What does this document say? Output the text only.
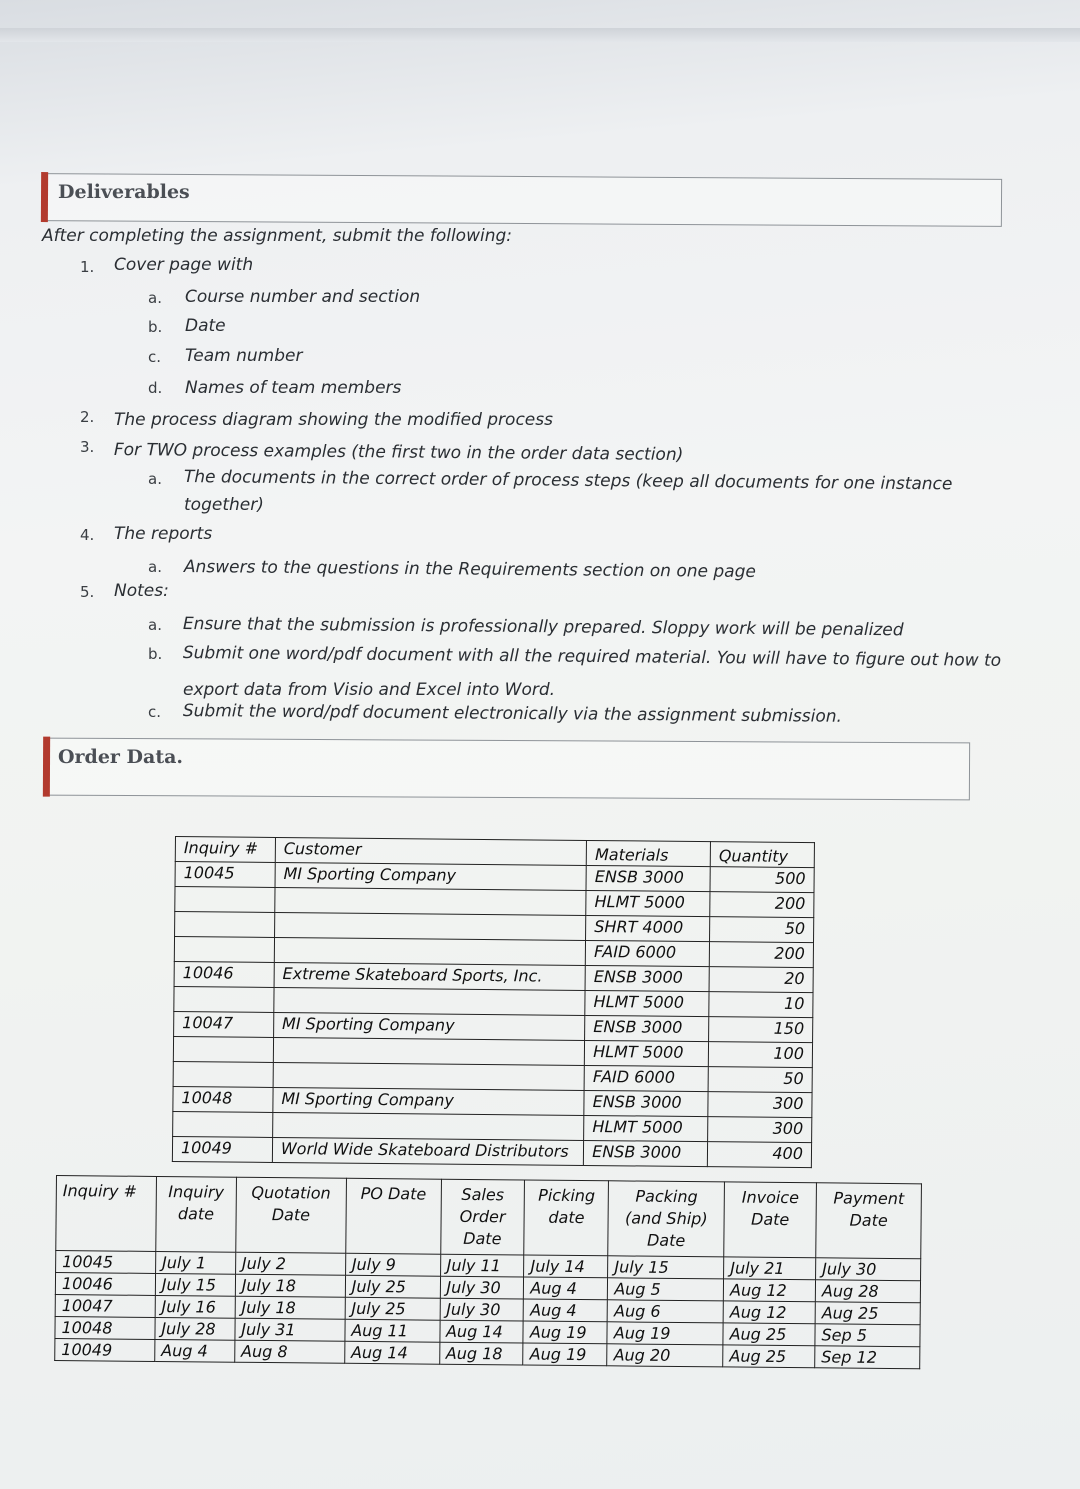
Deliverables
After completing the assignment, submit the following:
1. Cover page with
a. Course number and section
b. Date
c. Team number
d. Names of team members
2. The process diagram showing the modified process
3. For TWO process examples (the first two in the order data section)
a. The documents in the correct order of process steps (keep all documents for one instance
together)
4. The reports
a. Answers to the questions in the Requirements section on one page
5. Notes:
a. Ensure that the submission is professionally prepared. Sloppy work will be penalized
b. Submit one word/pdf document with all the required material. You will have to figure out how to
export data from Visio and Excel into Word.
c. Submit the word/pdf document electronically via the assignment submission.
Order Data.
Inquiry #	Customer	Materials	Quantity
10045	MI Sporting Company	ENSB 3000	500
		HLMT 5000	200
		SHRT 4000	50
		FAID 6000	200
10046	Extreme Skateboard Sports, Inc.	ENSB 3000	20
		HLMT 5000	10
10047	MI Sporting Company	ENSB 3000	150
		HLMT 5000	100
		FAID 6000	50
10048	MI Sporting Company	ENSB 3000	300
		HLMT 5000	300
10049	World Wide Skateboard Distributors	ENSB 3000	400
Inquiry #	Inquiry date	Quotation Date	PO Date	Sales Order Date	Picking date	Packing (and Ship) Date	Invoice Date	Payment Date
10045	July 1	July 2	July 9	July 11	July 14	July 15	July 21	July 30
10046	July 15	July 18	July 25	July 30	Aug 4	Aug 5	Aug 12	Aug 28
10047	July 16	July 18	July 25	July 30	Aug 4	Aug 6	Aug 12	Aug 25
10048	July 28	July 31	Aug 11	Aug 14	Aug 19	Aug 19	Aug 25	Sep 5
10049	Aug 4	Aug 8	Aug 14	Aug 18	Aug 19	Aug 20	Aug 25	Sep 12
